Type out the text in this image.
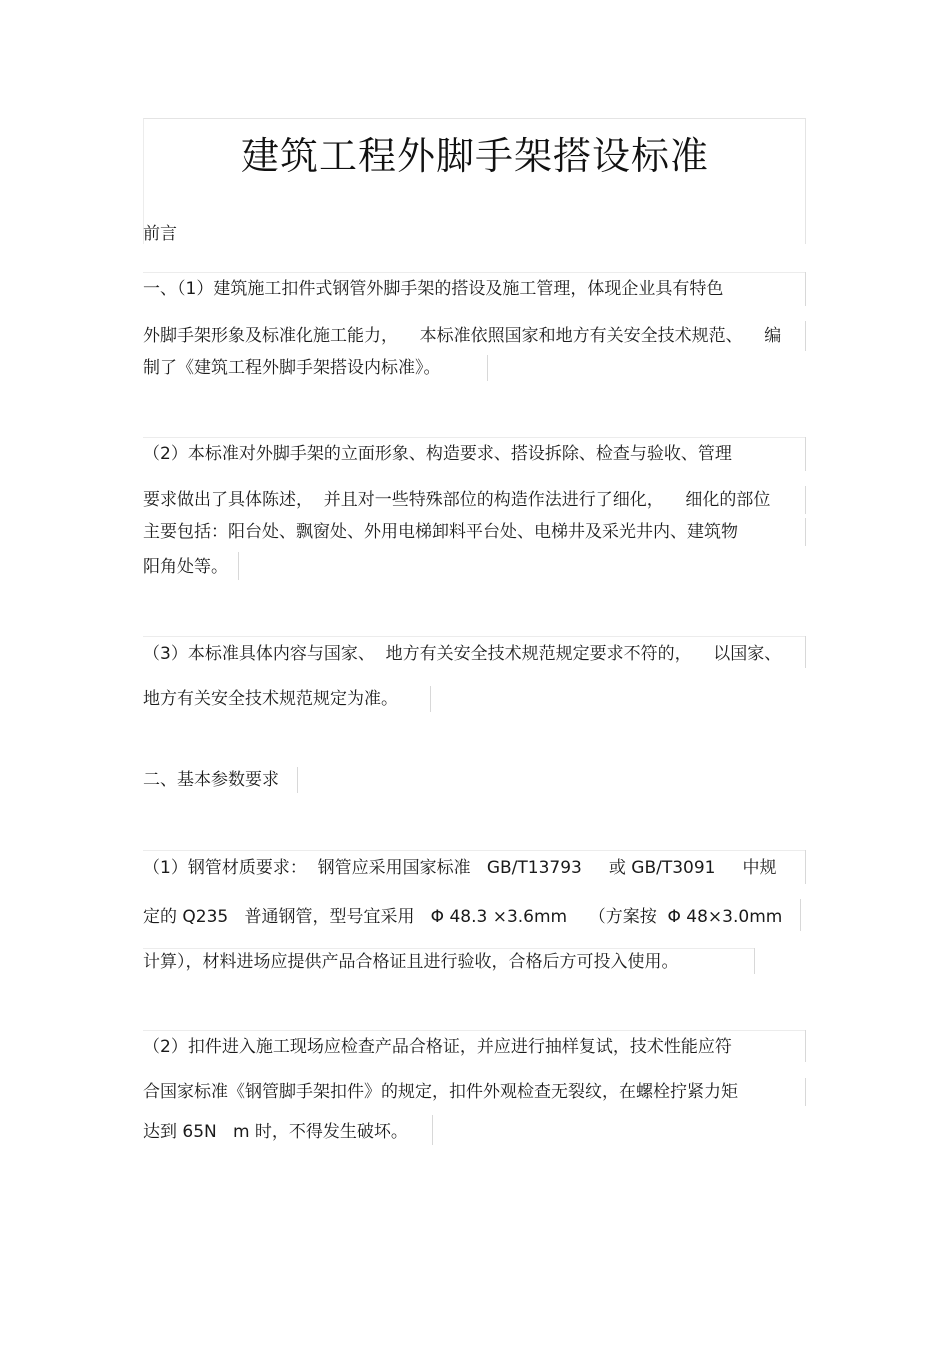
建筑工程外脚手架搭设标准
前言
一、（1）建筑施工扣件式钢管外脚手架的搭设及施工管理，体现企业具有特色
外脚手架形象及标准化施工能力，    本标准依照国家和地方有关安全技术规范、    编
制了《建筑工程外脚手架搭设内标准》。
（2）本标准对外脚手架的立面形象、构造要求、搭设拆除、检查与验收、管理
要求做出了具体陈述，  并且对一些特殊部位的构造作法进行了细化，    细化的部位
主要包括：阳台处、飘窗处、外用电梯卸料平台处、电梯井及采光井内、建筑物
阳角处等。
（3）本标准具体内容与国家、  地方有关安全技术规范规定要求不符的，    以国家、
地方有关安全技术规范规定为准。
二、基本参数要求
（1）钢管材质要求：  钢管应采用国家标准   GB/T13793     或 GB/T3091     中规
定的 Q235   普通钢管，型号宜采用   Φ 48.3 ×3.6mm    （方案按  Φ 48×3.0mm
计算），材料进场应提供产品合格证且进行验收，合格后方可投入使用。
（2）扣件进入施工现场应检查产品合格证，并应进行抽样复试，技术性能应符
合国家标准《钢管脚手架扣件》的规定，扣件外观检查无裂纹，在螺栓拧紧力矩
达到 65N   m 时，不得发生破坏。
